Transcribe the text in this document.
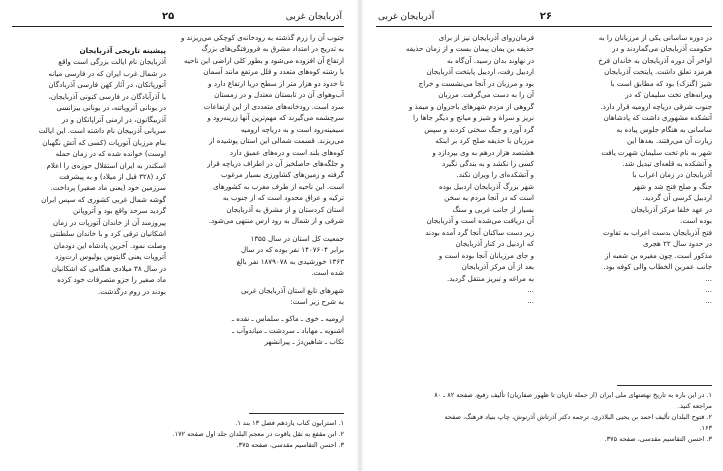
آذربایجان غربی
۲۵

جنوب آن را زرم گذشته به رودخانه‌ی کوچکی می‌ریزند و

به تدریج در امتداد مشرق به فرورفتگی‌های بزرگ

ارتفاع آن افزوده می‌شود و بطور کلی اراضی این ناحیه

با رشته کوه‌های متعدد و قلل مرتفع مانند آسمان

تا حدود دو هزار متر از سطح دریا ارتفاع دارد و

آب‌وهوای آن در تابستان معتدل و در زمستان

سرد است. رودخانه‌های متعددی از این ارتفاعات

سرچشمه می‌گیرند که مهم‌ترین آنها زرینه‌رود و

سیمینه‌رود است و به دریاچه ارومیه

می‌ریزند. قسمت شمالی این استان پوشیده از

کوه‌های بلند است و دره‌های عمیق دارد

و جلگه‌های حاصلخیز آن در اطراف دریاچه قرار

گرفته و زمین‌های کشاورزی بسیار مرغوب

است. این ناحیه از طرف مغرب به کشورهای

ترکیه و عراق محدود است که از جنوب به

استان کردستان و از مشرق به آذربایجان

شرقی و از شمال به رود ارس منتهی می‌شود.

جمعیت کل استان در سال ۱۳۵۵

برابر ۱۴۰۷۶۰۴ نفر بوده که در سال

۱۳۶۳ خورشیدی به ۱۸۷۹۰۷۸ نفر بالغ

شده است.

شهرهای تابع استان آذربایجان غربی

به شرح زیر است:

ارومیه ـ خوی ـ ماکو ـ سلماس ـ نقده ـ

اشنویه ـ مهاباد ـ سردشت ـ میاندوآب ـ

تکاب ـ شاهین‌دژ ـ پیرانشهر

پیشینه تاریخی آذربایجان

آذربایجان نام ایالت بزرگی است واقع

در شمال غرب ایران که در فارسی میانه

آتورپاتکان، در آثار کهن فارسی آذربادگان

یا آذرآبادگان در فارسی کنونی آذربایجان،

در یونانی آتروپاتنه، در یونانی بیزانسی

آذربیگانون، در ارمنی آتراپاتکان و در

سریانی آذربیجان نام داشته است. این ایالت

بنام مرزبان آتورپات (کسی که آتش نگهبان

اوست) خوانده شده که در زمان حمله

اسکندر به ایران استقلال حوزه‌ی را اعلام

کرد (۳۲۸ قبل از میلاد) و به پیشرفت

سرزمین خود (یعنی ماد صغیر) پرداخت.

گوشه شمال غربی کشوری که سپس ایران

گردید سرحد واقع بود و آتروپاتن

پیروزمند آن از خاندان آتورپات در زمان

اشکانیان ترقی کرد و با خاندان سلطنتی

وصلت نمود. آخرین پادشاه این دودمان

آتروپات یعنی گایتوس یولیوس ارت‌وزد

در سال ۳۸ میلادی هنگامی که اشکانیان

ماد صغیر را جزو متصرفات خود کرده

بودند در روم درگذشت.

۱. استرابون کتاب یازدهم فصل ۱۳ بند ۱.

۲. ابن مقفع به نقل یاقوت در معجم البلدان جلد اول صفحه ۱۷۲.

۳. احسن التقاسیم مقدسی، صفحه ۳۷۵.

آذربایجان غربی	۲۶

در دوره ساسانی یکی از مرزبانان را به

حکومت آذربایجان می‌گماردند و در

اواخر آن دوره آذربایجان به خاندان فرخ

هرمزد تعلق داشت. پایتخت آذربایجان

شیز (گنزک) بود که مطابق است با

ویرانه‌های تخت سلیمان که در

جنوب شرقی دریاچه ارومیه قرار دارد.

آتشکده مشهوری داشت که پادشاهان

ساسانی به هنگام جلوس پیاده به

زیارت آن می‌رفتند. بعدها این

شهر به نام تخت سلیمان شهرت یافت

و آتشکده به قلعه‌ای تبدیل شد.

آذربایجان در زمان اعراب با

جنگ و صلح فتح شد و شهر

اردبیل کرسی آن گردید.

در عهد خلفا مرکز آذربایجان

بوده است.

فتح آذربایجان بدست اعراب به تفاوت

در حدود سال ۲۲ هجری

مذکور است. چون مغیره بن شعبه از

جانب عمربن الخطاب والی کوفه بود.

...

...

...

فرمان‌روای آذربایجان نیز از برای

حذیفه بن یمان پیمان بست و از زمان حذیفه

در نهاوند بدان رسید. آن‌گاه به

اردبیل رفت، اردبیل پایتخت آذربایجان

بود و مرزبان در آنجا می‌نشست و خراج

آن را به دست می‌گرفت. مرزبان

گروهی از مردم شهرهای باجروان و میمذ و

نریز و سراة و شیز و میانج و دیگر جاها را

گرد آورد و جنگ سختی کردند و سپس

مرزبان با حذیفه صلح کرد بر اینکه

هشتصد هزار درهم به وی بپردازد و

کسی را نکشد و به بندگی نگیرد

و آتشکده‌ای را ویران نکند.

شهر بزرگ آذربایجان اردبیل بوده

است که در آنجا مردم به سخن

بسیار از جانب غربی و سنگ

آن دریافت می‌شده است و آذربایجان

زیر دست ساکنان آنجا گرد آمده بودند

که اردبیل در کنار آذربایجان

و جای مرزبانان آنجا بوده است و

بعد از آن مرکز آذربایجان

به مراغه و تبریز منتقل گردید.

...

...

۱. در این باره به تاریخ نهضتهای ملی ایران (از حمله تازیان تا ظهور صفاریان) تألیف رفیع، صفحه ۸۲ ـ ۸۰

مراجعه کنید.

۲. فتوح البلدان تألیف احمد بن یحیی البلاذری، ترجمه دکتر آذرتاش آذرنوش، چاپ بنیاد فرهنگ، صفحه

۱۶۳.

۳. احسن التقاسیم مقدسی، صفحه ۳۷۵.
